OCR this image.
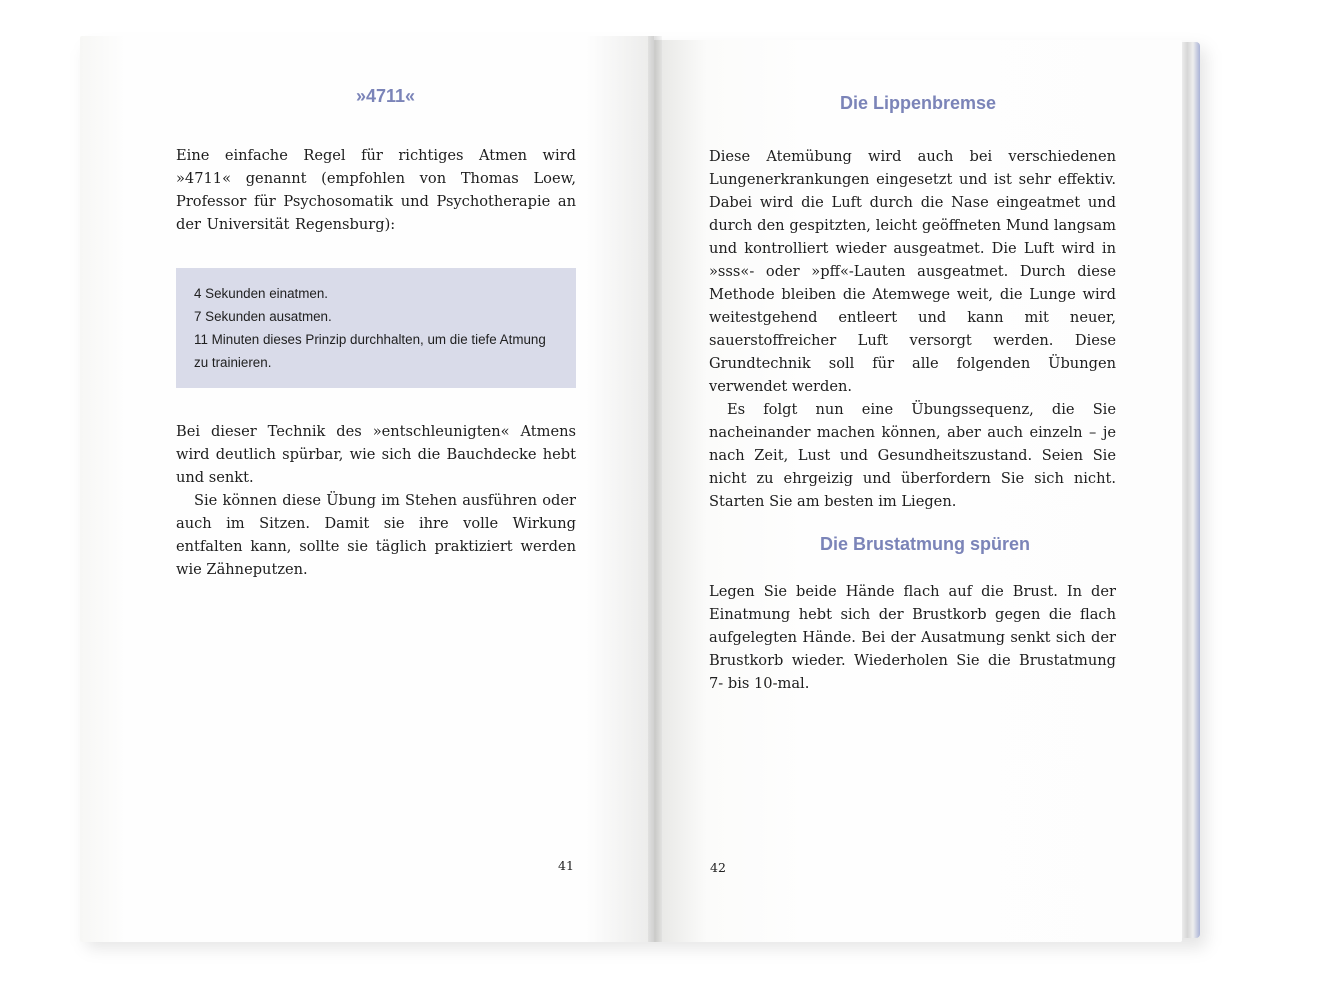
»4711«

Eine einfache Regel für richtiges Atmen wird »4711« genannt (empfohlen von Thomas Loew, Professor für Psychosomatik und Psychotherapie an der Universität Regensburg):

4 Sekunden einatmen.
7 Sekunden ausatmen.
11 Minuten dieses Prinzip durchhalten, um die tiefe Atmung zu trainieren.

Bei dieser Technik des »entschleunigten« Atmens wird deutlich spürbar, wie sich die Bauchdecke hebt und senkt.

Sie können diese Übung im Stehen ausführen oder auch im Sitzen. Damit sie ihre volle Wirkung entfalten kann, sollte sie täglich praktiziert werden wie Zähneputzen.

41
Die Lippenbremse

Diese Atemübung wird auch bei verschiedenen Lungenerkrankungen eingesetzt und ist sehr effektiv. Dabei wird die Luft durch die Nase eingeatmet und durch den gespitzten, leicht geöffneten Mund langsam und kontrolliert wieder ausgeatmet. Die Luft wird in »sss«- oder »pff«-Lauten ausgeatmet. Durch diese Methode bleiben die Atemwege weit, die Lunge wird weitestgehend entleert und kann mit neuer, sauerstoffreicher Luft versorgt werden. Diese Grundtechnik soll für alle folgenden Übungen verwendet werden.

Es folgt nun eine Übungssequenz, die Sie nacheinander machen können, aber auch einzeln – je nach Zeit, Lust und Gesundheitszustand. Seien Sie nicht zu ehrgeizig und überfordern Sie sich nicht. Starten Sie am besten im Liegen.

Die Brustatmung spüren

Legen Sie beide Hände flach auf die Brust. In der Einatmung hebt sich der Brustkorb gegen die flach aufgelegten Hände. Bei der Ausatmung senkt sich der Brustkorb wieder. Wiederholen Sie die Brustatmung 7- bis 10-mal.

42
